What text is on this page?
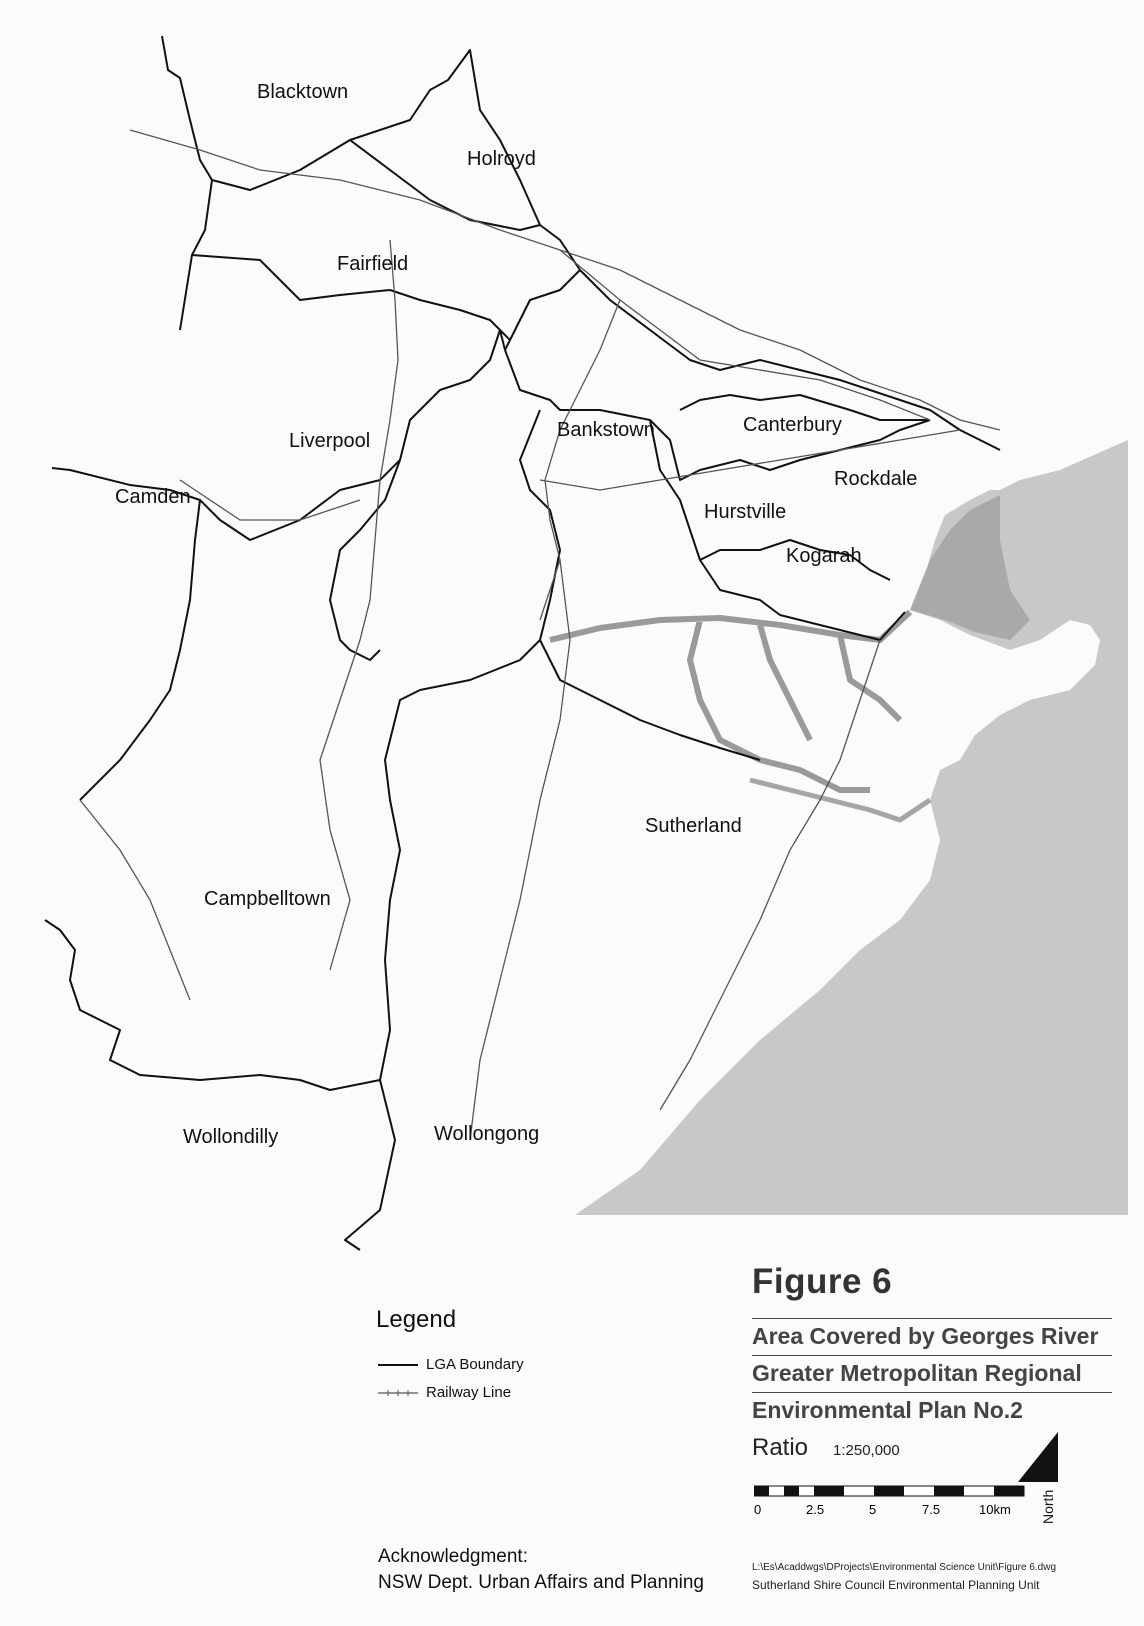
Blacktown
Holroyd
Fairfield
Liverpool	Bankstown	Canterbury
Rockdale
Hurstville
Kogarah
Camden
Sutherland
Campbelltown
Wollondilly	Wollongong
Legend
LGA Boundary
Railway Line
Acknowledgment:
NSW Dept. Urban Affairs and Planning
Figure 6
Area Covered by Georges River
Greater Metropolitan Regional
Environmental Plan No.2
Ratio 1:250,000
North
0	2.5	5	7.5	10km
L:\Es\Acaddwgs\DProjects\Environmental Science Unit\Figure 6.dwg
Sutherland Shire Council Environmental Planning Unit
